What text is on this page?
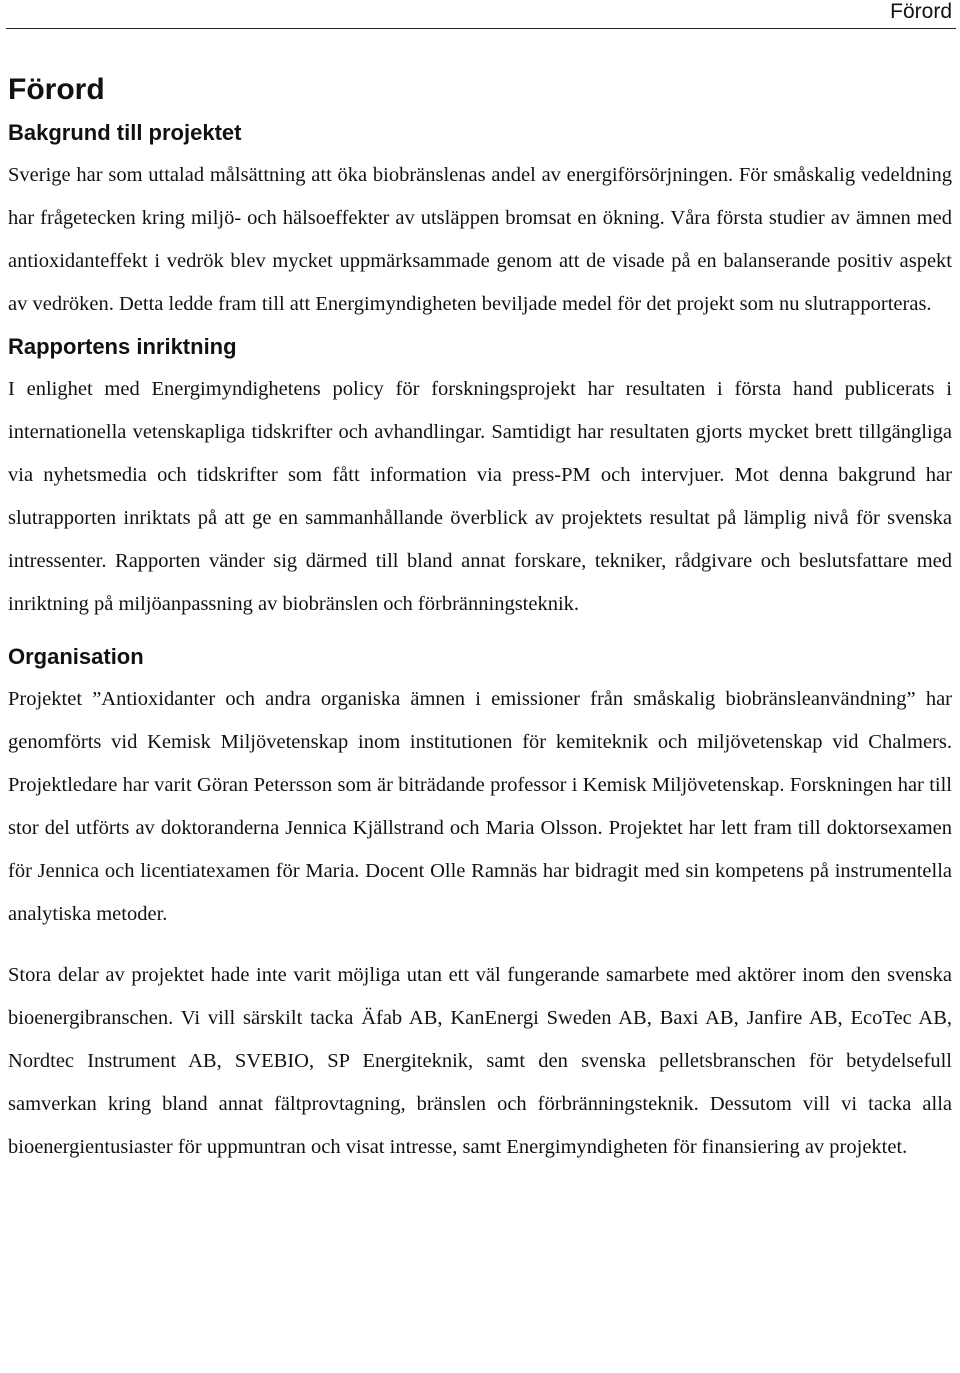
Förord
Förord
Bakgrund till projektet

Sverige har som uttalad målsättning att öka biobränslenas andel av energiförsörjningen. För småskalig vedeldning har frågetecken kring miljö- och hälsoeffekter av utsläppen bromsat en ökning. Våra första studier av ämnen med antioxidanteffekt i vedrök blev mycket uppmärksammade genom att de visade på en balanserande positiv aspekt av vedröken. Detta ledde fram till att Energimyndigheten beviljade medel för det projekt som nu slutrapporteras.

Rapportens inriktning

I enlighet med Energimyndighetens policy för forskningsprojekt har resultaten i första hand publicerats i internationella vetenskapliga tidskrifter och avhandlingar. Samtidigt har resultaten gjorts mycket brett tillgängliga via nyhetsmedia och tidskrifter som fått information via press-PM och intervjuer. Mot denna bakgrund har slutrapporten inriktats på att ge en sammanhållande överblick av projektets resultat på lämplig nivå för svenska intressenter. Rapporten vänder sig därmed till bland annat forskare, tekniker, rådgivare och beslutsfattare med inriktning på miljöanpassning av biobränslen och förbränningsteknik.

Organisation

Projektet ”Antioxidanter och andra organiska ämnen i emissioner från småskalig biobränsleanvändning” har genomförts vid Kemisk Miljövetenskap inom institutionen för kemiteknik och miljövetenskap vid Chalmers. Projektledare har varit Göran Petersson som är biträdande professor i Kemisk Miljövetenskap. Forskningen har till stor del utförts av doktoranderna Jennica Kjällstrand och Maria Olsson. Projektet har lett fram till doktorsexamen för Jennica och licentiatexamen för Maria. Docent Olle Ramnäs har bidragit med sin kompetens på instrumentella analytiska metoder.

Stora delar av projektet hade inte varit möjliga utan ett väl fungerande samarbete med aktörer inom den svenska bioenergibranschen. Vi vill särskilt tacka Äfab AB, KanEnergi Sweden AB, Baxi AB, Janfire AB, EcoTec AB, Nordtec Instrument AB, SVEBIO, SP Energiteknik, samt den svenska pelletsbranschen för betydelsefull samverkan kring bland annat fältprovtagning, bränslen och förbränningsteknik. Dessutom vill vi tacka alla bioenergientusiaster för uppmuntran och visat intresse, samt Energimyndigheten för finansiering av projektet.
